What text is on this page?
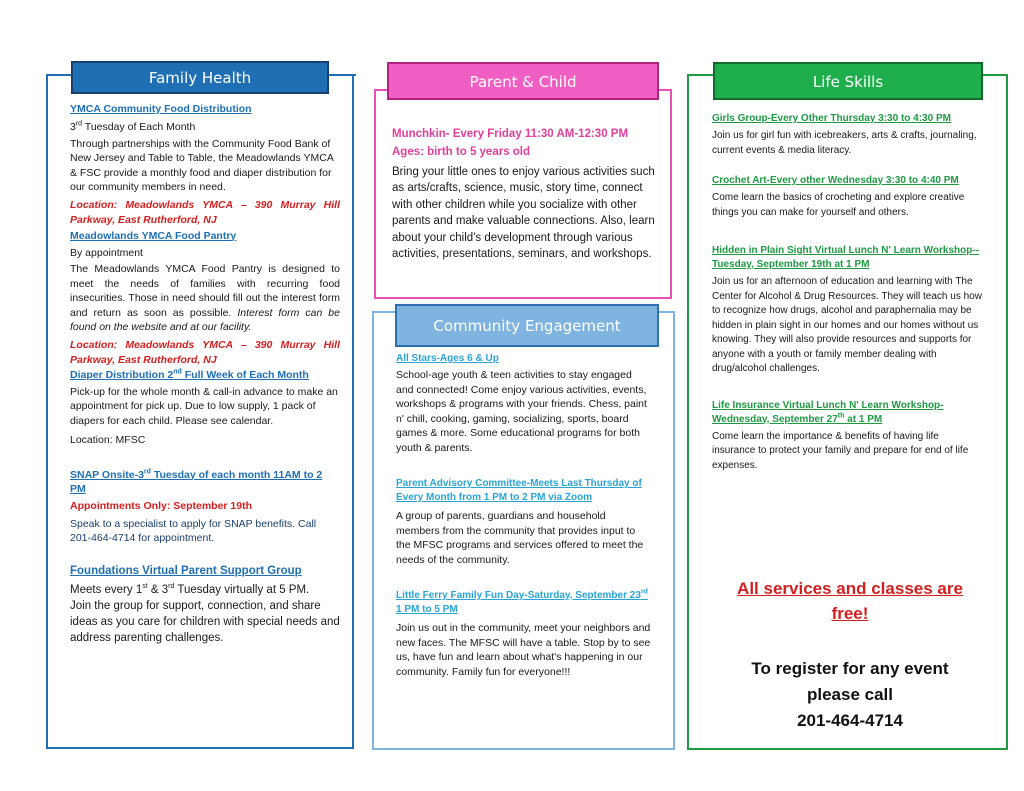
Family Health

YMCA Community Food Distribution

3rd Tuesday of Each Month

Through partnerships with the Community Food Bank of New Jersey and Table to Table, the Meadowlands YMCA & FSC provide a monthly food and diaper distribution for our community members in need.

Location: Meadowlands YMCA – 390 Murray Hill Parkway, East Rutherford, NJ

Meadowlands YMCA Food Pantry

By appointment

The Meadowlands YMCA Food Pantry is designed to meet the needs of families with recurring food insecurities. Those in need should fill out the interest form and return as soon as possible. Interest form can be found on the website and at our facility.

Location: Meadowlands YMCA – 390 Murray Hill Parkway, East Rutherford, NJ

Diaper Distribution 2nd Full Week of Each Month

Pick-up for the whole month & call-in advance to make an appointment for pick up. Due to low supply, 1 pack of diapers for each child. Please see calendar.

Location: MFSC

SNAP Onsite-3rd Tuesday of each month 11AM to 2 PM

Appointments Only: September 19th

Speak to a specialist to apply for SNAP benefits. Call 201-464-4714 for appointment.

Foundations Virtual Parent Support Group

Meets every 1st & 3rd Tuesday virtually at 5 PM.

Join the group for support, connection, and share ideas as you care for children with special needs and address parenting challenges.

Parent & Child

Munchkin- Every Friday 11:30 AM-12:30 PM

Ages: birth to 5 years old

Bring your little ones to enjoy various activities such as arts/crafts, science, music, story time, connect with other children while you socialize with other parents and make valuable connections. Also, learn about your child's development through various activities, presentations, seminars, and workshops.

Community Engagement

All Stars-Ages 6 & Up

School-age youth & teen activities to stay engaged and connected! Come enjoy various activities, events, workshops & programs with your friends. Chess, paint n' chill, cooking, gaming, socializing, sports, board games & more. Some educational programs for both youth & parents.

Parent Advisory Committee-Meets Last Thursday of Every Month from 1 PM to 2 PM via Zoom

A group of parents, guardians and household members from the community that provides input to the MFSC programs and services offered to meet the needs of the community.

Little Ferry Family Fun Day-Saturday, September 23rd 1 PM to 5 PM

Join us out in the community, meet your neighbors and new faces. The MFSC will have a table. Stop by to see us, have fun and learn about what's happening in our community. Family fun for everyone!!!

Life Skills

Girls Group-Every Other Thursday 3:30 to 4:30 PM

Join us for girl fun with icebreakers, arts & crafts, journaling, current events & media literacy.

Crochet Art-Every other Wednesday 3:30 to 4:40 PM

Come learn the basics of crocheting and explore creative things you can make for yourself and others.

Hidden in Plain Sight Virtual Lunch N' Learn Workshop--Tuesday, September 19th at 1 PM

Join us for an afternoon of education and learning with The Center for Alcohol & Drug Resources. They will teach us how to recognize how drugs, alcohol and paraphernalia may be hidden in plain sight in our homes and our homes without us knowing. They will also provide resources and supports for anyone with a youth or family member dealing with drug/alcohol challenges.

Life Insurance Virtual Lunch N' Learn Workshop-Wednesday, September 27th at 1 PM

Come learn the importance & benefits of having life insurance to protect your family and prepare for end of life expenses.

All services and classes are free!

To register for any event

please call

201-464-4714
